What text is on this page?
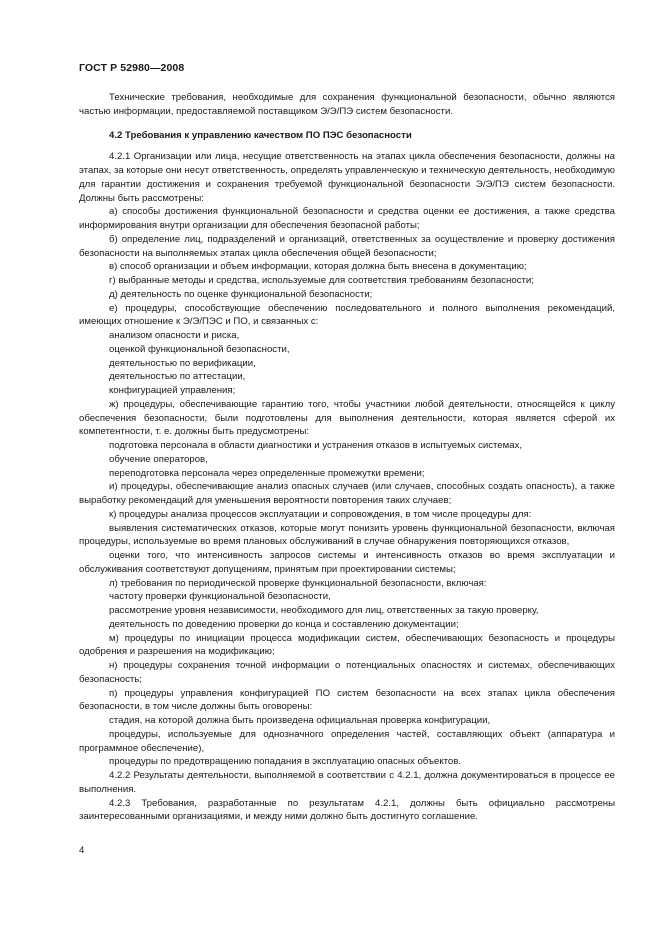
ГОСТ Р 52980—2008

Технические требования, необходимые для сохранения функциональной безопасности, обычно являются частью информации, предоставляемой поставщиком Э/Э/ПЭ систем безопасности.

4.2 Требования к управлению качеством ПО ПЭС безопасности

4.2.1 Организации или лица, несущие ответственность на этапах цикла обеспечения безопасности, должны на этапах, за которые они несут ответственность, определять управленческую и техническую деятельность, необходимую для гарантии достижения и сохранения требуемой функциональной безопасности Э/Э/ПЭ систем безопасности. Должны быть рассмотрены:

а) способы достижения функциональной безопасности и средства оценки ее достижения, а также средства информирования внутри организации для обеспечения безопасной работы;

б) определение лиц, подразделений и организаций, ответственных за осуществление и проверку достижения безопасности на выполняемых этапах цикла обеспечения общей безопасности;

в) способ организации и объем информации, которая должна быть внесена в документацию;

г) выбранные методы и средства, используемые для соответствия требованиям безопасности;

д) деятельность по оценке функциональной безопасности;

е) процедуры, способствующие обеспечению последовательного и полного выполнения рекомендаций, имеющих отношение к Э/Э/ПЭС и ПО, и связанных с:

анализом опасности и риска,

оценкой функциональной безопасности,

деятельностью по верификации,

деятельностью по аттестации,

конфигурацией управления;

ж) процедуры, обеспечивающие гарантию того, чтобы участники любой деятельности, относящейся к циклу обеспечения безопасности, были подготовлены для выполнения деятельности, которая является сферой их компетентности, т. е. должны быть предусмотрены:

подготовка персонала в области диагностики и устранения отказов в испытуемых системах,

обучение операторов,

переподготовка персонала через определенные промежутки времени;

и) процедуры, обеспечивающие анализ опасных случаев (или случаев, способных создать опасность), а также выработку рекомендаций для уменьшения вероятности повторения таких случаев;

к) процедуры анализа процессов эксплуатации и сопровождения, в том числе процедуры для:

выявления систематических отказов, которые могут понизить уровень функциональной безопасности, включая процедуры, используемые во время плановых обслуживаний в случае обнаружения повторяющихся отказов,

оценки того, что интенсивность запросов системы и интенсивность отказов во время эксплуатации и обслуживания соответствуют допущениям, принятым при проектировании системы;

л) требования по периодической проверке функциональной безопасности, включая:

частоту проверки функциональной безопасности,

рассмотрение уровня независимости, необходимого для лиц, ответственных за такую проверку,

деятельность по доведению проверки до конца и составлению документации;

м) процедуры по инициации процесса модификации систем, обеспечивающих безопасность и процедуры одобрения и разрешения на модификацию;

н) процедуры сохранения точной информации о потенциальных опасностях и системах, обеспечивающих безопасность;

п) процедуры управления конфигурацией ПО систем безопасности на всех этапах цикла обеспечения безопасности, в том числе должны быть оговорены:

стадия, на которой должна быть произведена официальная проверка конфигурации,

процедуры, используемые для однозначного определения частей, составляющих объект (аппаратура и программное обеспечение),

процедуры по предотвращению попадания в эксплуатацию опасных объектов.

4.2.2 Результаты деятельности, выполняемой в соответствии с 4.2.1, должна документироваться в процессе ее выполнения.

4.2.3 Требования, разработанные по результатам 4.2.1, должны быть официально рассмотрены заинтересованными организациями, и между ними должно быть достигнуто соглашение.

4
